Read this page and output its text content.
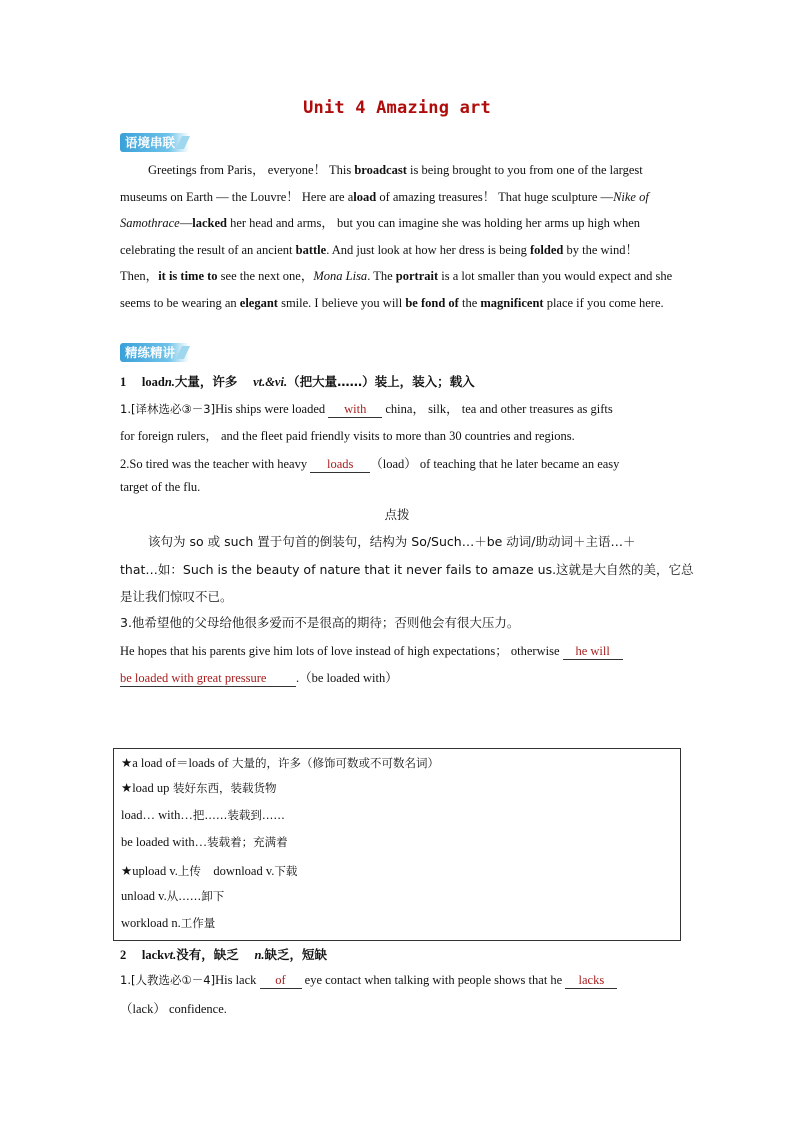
Unit 4 Amazing art
语境串联

Greetings from Paris， everyone！ This broadcast is being brought to you from one of the largest museums on Earth — the Louvre！ Here are aload of amazing treasures！ That huge sculpture —Nike of Samothrace—lacked her head and arms， but you can imagine she was holding her arms up high when celebrating the result of an ancient battle. And just look at how her dress is being folded by the wind！ Then，it is time to see the next one，Mona Lisa. The portrait is a lot smaller than you would expect and she seems to be wearing an elegant smile. I believe you will be fond of the magnificent place if you come here.

精练精讲
1　 loadn.大量，许多　 vt.&vi.（把大量……）装上，装入；载入
1.[译林选必③－3]His ships were loaded with china， silk， tea and other treasures as gifts
for foreign rulers， and the fleet paid friendly visits to more than 30 countries and regions.
2.So tired was the teacher with heavy loads （load） of teaching that he later became an easy
target of the flu.
点拨
该句为 so 或 such 置于句首的倒装句，结构为 So/Such…＋be 动词/助动词＋主语…＋
that…如：Such is the beauty of nature that it never fails to amaze us.这就是大自然的美，它总
是让我们惊叹不已。
3.他希望他的父母给他很多爱而不是很高的期待；否则他会有很大压力。
He hopes that his parents give him lots of love instead of high expectations； otherwise he will
be loaded with great pressure .（be loaded with）
★a load of＝loads of 大量的，许多（修饰可数或不可数名词）
★load up 装好东西，装载货物
load… with…把……装载到……
be loaded with…装载着；充满着
★upload v.上传　download v.下载
unload v.从……卸下
workload n.工作量
2　 lackvt.没有，缺乏　 n.缺乏，短缺
1.[人教选必①－4]His lack of eye contact when talking with people shows that he lacks
（lack） confidence.
